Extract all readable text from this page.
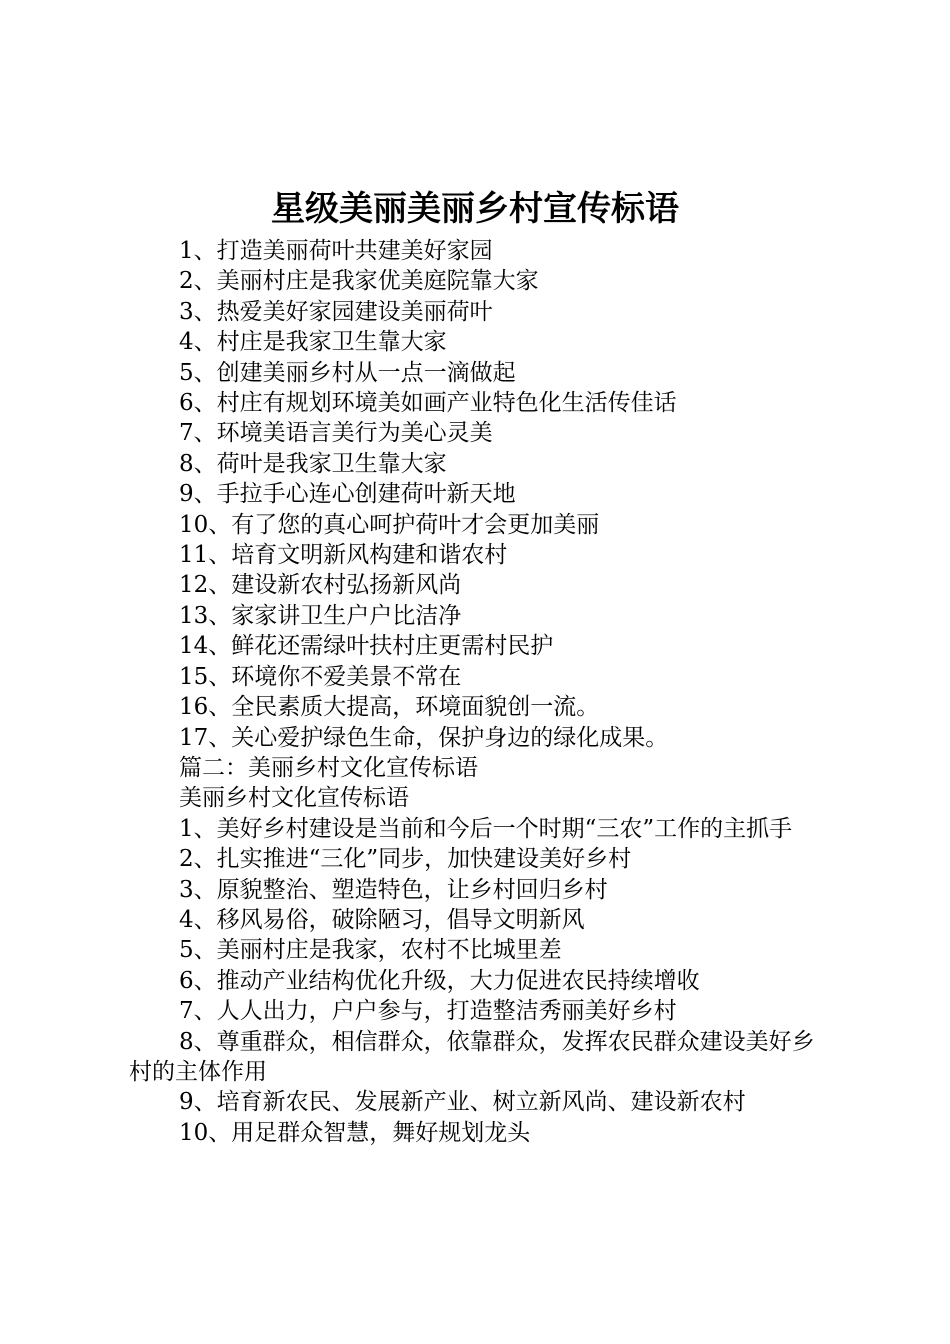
星级美丽美丽乡村宣传标语
1、打造美丽荷叶共建美好家园
2、美丽村庄是我家优美庭院靠大家
3、热爱美好家园建设美丽荷叶
4、村庄是我家卫生靠大家
5、创建美丽乡村从一点一滴做起
6、村庄有规划环境美如画产业特色化生活传佳话
7、环境美语言美行为美心灵美
8、荷叶是我家卫生靠大家
9、手拉手心连心创建荷叶新天地
10、有了您的真心呵护荷叶才会更加美丽
11、培育文明新风构建和谐农村
12、建设新农村弘扬新风尚
13、家家讲卫生户户比洁净
14、鲜花还需绿叶扶村庄更需村民护
15、环境你不爱美景不常在
16、全民素质大提高，环境面貌创一流。
17、关心爱护绿色生命，保护身边的绿化成果。
篇二：美丽乡村文化宣传标语
美丽乡村文化宣传标语
1、美好乡村建设是当前和今后一个时期“三农”工作的主抓手
2、扎实推进“三化”同步，加快建设美好乡村
3、原貌整治、塑造特色，让乡村回归乡村
4、移风易俗，破除陋习，倡导文明新风
5、美丽村庄是我家，农村不比城里差
6、推动产业结构优化升级，大力促进农民持续增收
7、人人出力，户户参与，打造整洁秀丽美好乡村
8、尊重群众，相信群众，依靠群众，发挥农民群众建设美好乡村的主体作用
9、培育新农民、发展新产业、树立新风尚、建设新农村
10、用足群众智慧，舞好规划龙头
